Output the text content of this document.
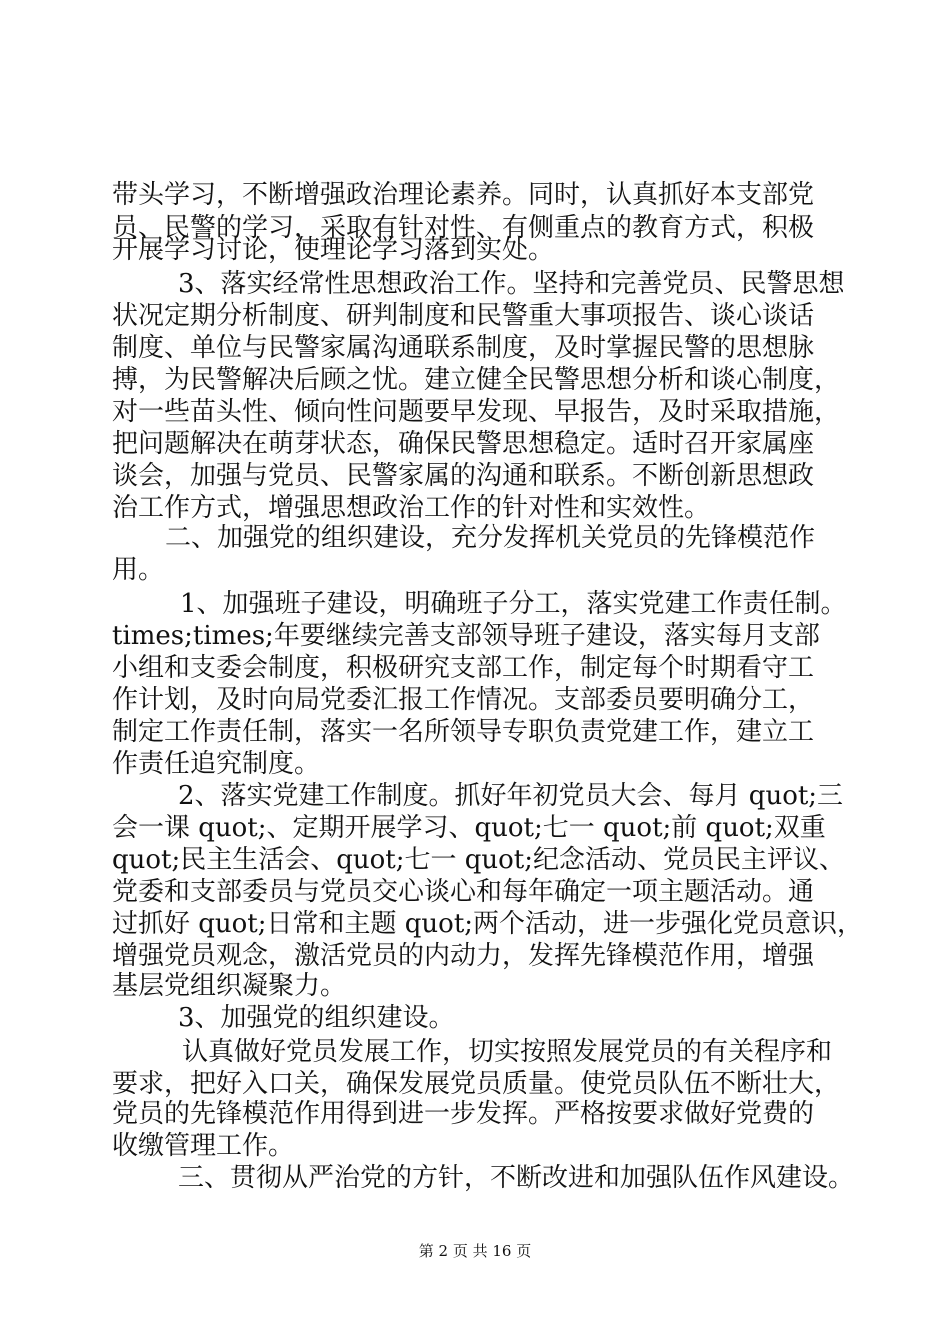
带头学习，不断增强政治理论素养。同时，认真抓好本支部党
员、民警的学习，采取有针对性、有侧重点的教育方式，积极
开展学习讨论，使理论学习落到实处。
3、落实经常性思想政治工作。坚持和完善党员、民警思想
状况定期分析制度、研判制度和民警重大事项报告、谈心谈话
制度、单位与民警家属沟通联系制度，及时掌握民警的思想脉
搏，为民警解决后顾之忧。建立健全民警思想分析和谈心制度，
对一些苗头性、倾向性问题要早发现、早报告，及时采取措施，
把问题解决在萌芽状态，确保民警思想稳定。适时召开家属座
谈会，加强与党员、民警家属的沟通和联系。不断创新思想政
治工作方式，增强思想政治工作的针对性和实效性。
二、加强党的组织建设，充分发挥机关党员的先锋模范作
用。
1、加强班子建设，明确班子分工，落实党建工作责任制。
times;times;年要继续完善支部领导班子建设，落实每月支部
小组和支委会制度，积极研究支部工作，制定每个时期看守工
作计划，及时向局党委汇报工作情况。支部委员要明确分工，
制定工作责任制，落实一名所领导专职负责党建工作，建立工
作责任追究制度。
2、落实党建工作制度。抓好年初党员大会、每月 quot;三
会一课 quot;、定期开展学习、quot;七一 quot;前 quot;双重
quot;民主生活会、quot;七一 quot;纪念活动、党员民主评议、
党委和支部委员与党员交心谈心和每年确定一项主题活动。通
过抓好 quot;日常和主题 quot;两个活动，进一步强化党员意识，
增强党员观念，激活党员的内动力，发挥先锋模范作用，增强
基层党组织凝聚力。
3、加强党的组织建设。
认真做好党员发展工作，切实按照发展党员的有关程序和
要求，把好入口关，确保发展党员质量。使党员队伍不断壮大，
党员的先锋模范作用得到进一步发挥。严格按要求做好党费的
收缴管理工作。
三、贯彻从严治党的方针，不断改进和加强队伍作风建设。
第 2 页 共 16 页
